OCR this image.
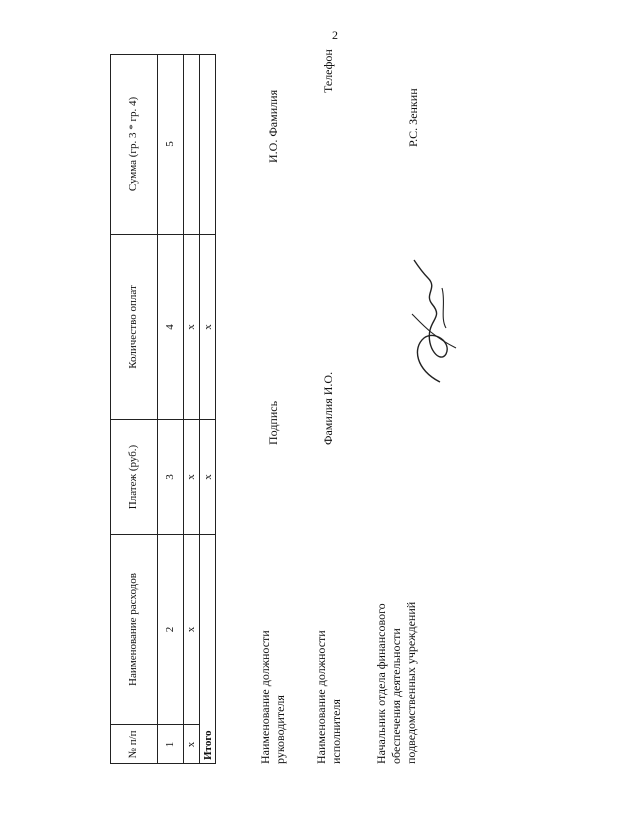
2
№ п/п
Наименование расходов
Платеж (руб.)
Количество оплат
Сумма (гр. 3 * гр. 4)
1
2
3
4
5
x
x
x
x
Итого
x
x
Наименование должности
руководителя
Подпись
И.О. Фамилия
Наименование должности
исполнителя
Фамилия И.О.
Телефон
Начальник отдела финансового
обеспечения деятельности
подведомственных учреждений
Р.С. Зенкин
